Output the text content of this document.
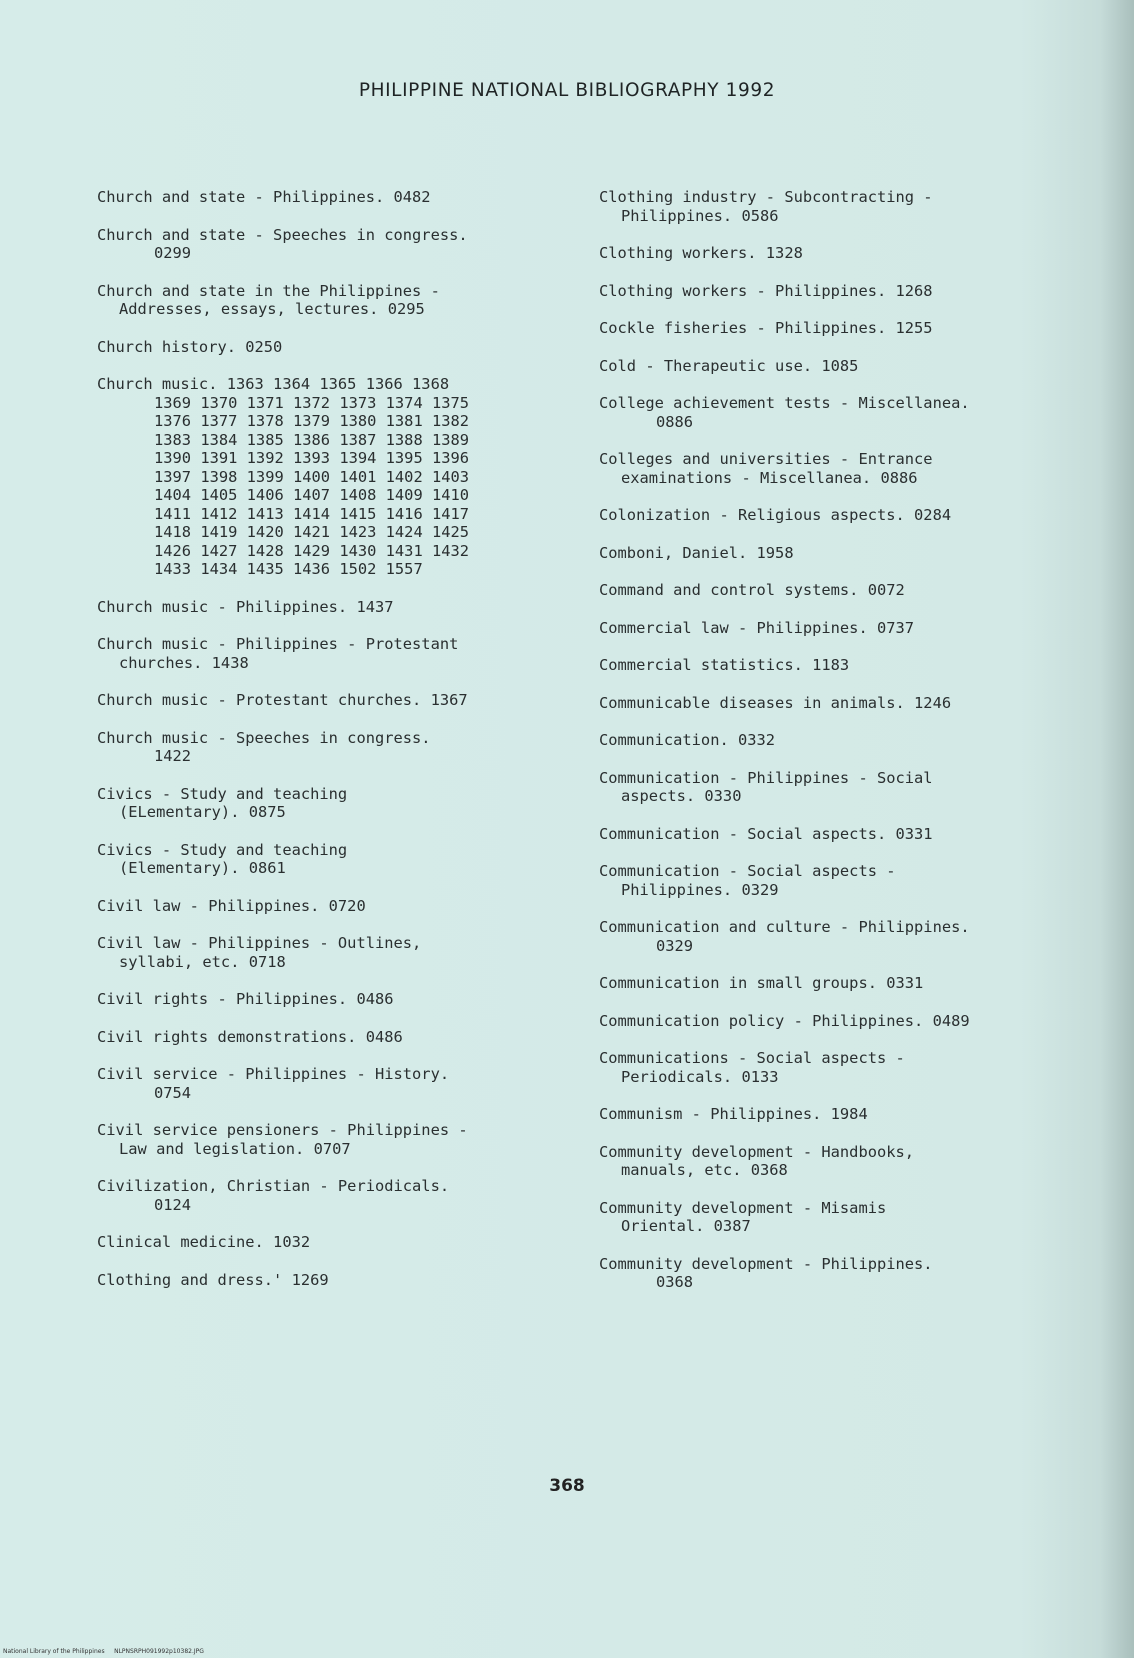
PHILIPPINE NATIONAL BIBLIOGRAPHY 1992
Church and state - Philippines. 0482
Church and state - Speeches in congress.
0299
Church and state in the Philippines -
Addresses, essays, lectures. 0295
Church history. 0250
Church music. 1363 1364 1365 1366 1368
1369 1370 1371 1372 1373 1374 1375
1376 1377 1378 1379 1380 1381 1382
1383 1384 1385 1386 1387 1388 1389
1390 1391 1392 1393 1394 1395 1396
1397 1398 1399 1400 1401 1402 1403
1404 1405 1406 1407 1408 1409 1410
1411 1412 1413 1414 1415 1416 1417
1418 1419 1420 1421 1423 1424 1425
1426 1427 1428 1429 1430 1431 1432
1433 1434 1435 1436 1502 1557
Church music - Philippines. 1437
Church music - Philippines - Protestant
churches. 1438
Church music - Protestant churches. 1367
Church music - Speeches in congress.
1422
Civics - Study and teaching
(ELementary). 0875
Civics - Study and teaching
(Elementary). 0861
Civil law - Philippines. 0720
Civil law - Philippines - Outlines,
syllabi, etc. 0718
Civil rights - Philippines. 0486
Civil rights demonstrations. 0486
Civil service - Philippines - History.
0754
Civil service pensioners - Philippines -
Law and legislation. 0707
Civilization, Christian - Periodicals.
0124
Clinical medicine. 1032
Clothing and dress.' 1269
Clothing industry - Subcontracting -
Philippines. 0586
Clothing workers. 1328
Clothing workers - Philippines. 1268
Cockle fisheries - Philippines. 1255
Cold - Therapeutic use. 1085
College achievement tests - Miscellanea.
0886
Colleges and universities - Entrance
examinations - Miscellanea. 0886
Colonization - Religious aspects. 0284
Comboni, Daniel. 1958
Command and control systems. 0072
Commercial law - Philippines. 0737
Commercial statistics. 1183
Communicable diseases in animals. 1246
Communication. 0332
Communication - Philippines - Social
aspects. 0330
Communication - Social aspects. 0331
Communication - Social aspects -
Philippines. 0329
Communication and culture - Philippines.
0329
Communication in small groups. 0331
Communication policy - Philippines. 0489
Communications - Social aspects -
Periodicals. 0133
Communism - Philippines. 1984
Community development - Handbooks,
manuals, etc. 0368
Community development - Misamis
Oriental. 0387
Community development - Philippines.
0368
368
National Library of the Philippines     NLPNSRPH091992p10382.JPG
